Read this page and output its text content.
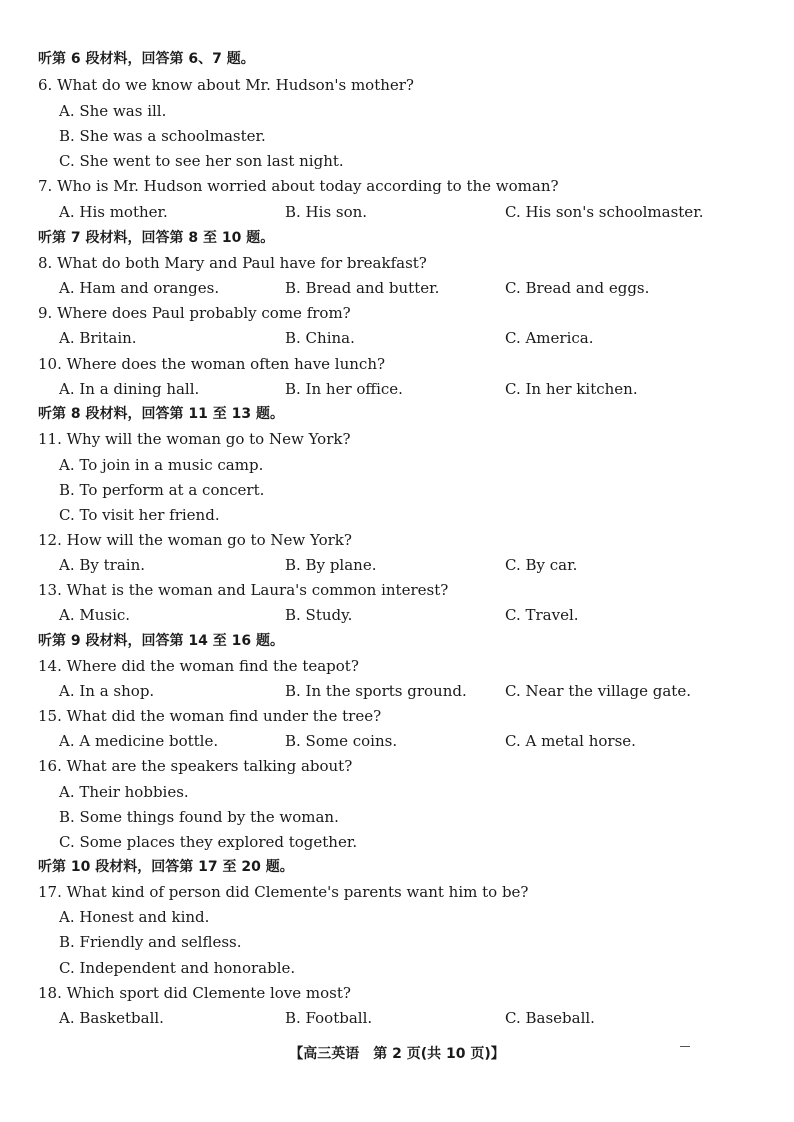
听第 6 段材料，回答第 6、7 题。
6. What do we know about Mr. Hudson's mother?
A. She was ill.
B. She was a schoolmaster.
C. She went to see her son last night.
7. Who is Mr. Hudson worried about today according to the woman?
A. His mother.	B. His son.	C. His son's schoolmaster.
听第 7 段材料，回答第 8 至 10 题。
8. What do both Mary and Paul have for breakfast?
A. Ham and oranges.	B. Bread and butter.	C. Bread and eggs.
9. Where does Paul probably come from?
A. Britain.	B. China.	C. America.
10. Where does the woman often have lunch?
A. In a dining hall.	B. In her office.	C. In her kitchen.
听第 8 段材料，回答第 11 至 13 题。
11. Why will the woman go to New York?
A. To join in a music camp.
B. To perform at a concert.
C. To visit her friend.
12. How will the woman go to New York?
A. By train.	B. By plane.	C. By car.
13. What is the woman and Laura's common interest?
A. Music.	B. Study.	C. Travel.
听第 9 段材料，回答第 14 至 16 题。
14. Where did the woman find the teapot?
A. In a shop.	B. In the sports ground.	C. Near the village gate.
15. What did the woman find under the tree?
A. A medicine bottle.	B. Some coins.	C. A metal horse.
16. What are the speakers talking about?
A. Their hobbies.
B. Some things found by the woman.
C. Some places they explored together.
听第 10 段材料，回答第 17 至 20 题。
17. What kind of person did Clemente's parents want him to be?
A. Honest and kind.
B. Friendly and selfless.
C. Independent and honorable.
18. Which sport did Clemente love most?
A. Basketball.	B. Football.	C. Baseball.
【高三英语　第 2 页(共 10 页)】
